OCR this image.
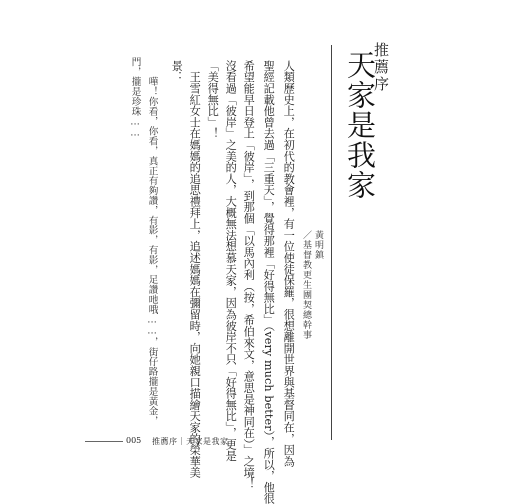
推薦序
天家是我家
黃明鎮
／基督教更生團契總幹事

人類歷史上，在初代的教會裡，有一位使徒保羅，很想離開世界與基督同在，因為

聖經記載他曾去過「三重天」，覺得那裡「好得無比」（very much better），所以，他很

希望能早日登上「彼岸」，到那個「以馬內利（按，希伯來文，意思是神同在）」之境！

沒看過「彼岸」之美的人，大概無法想慕天家，因為彼岸不只「好得無比」，更是

「美得無比」！

　王雪紅女士在媽媽的追思禮拜上，追述媽媽在彌留時，向她親口描繪天家的榮華美

景：

　　嘩！你看，你看，真正有夠讚，有影，有影，足讚吔哦……，街仔路攏是黃金，

門，攏是珍珠……

005 推薦序｜天家是我家
